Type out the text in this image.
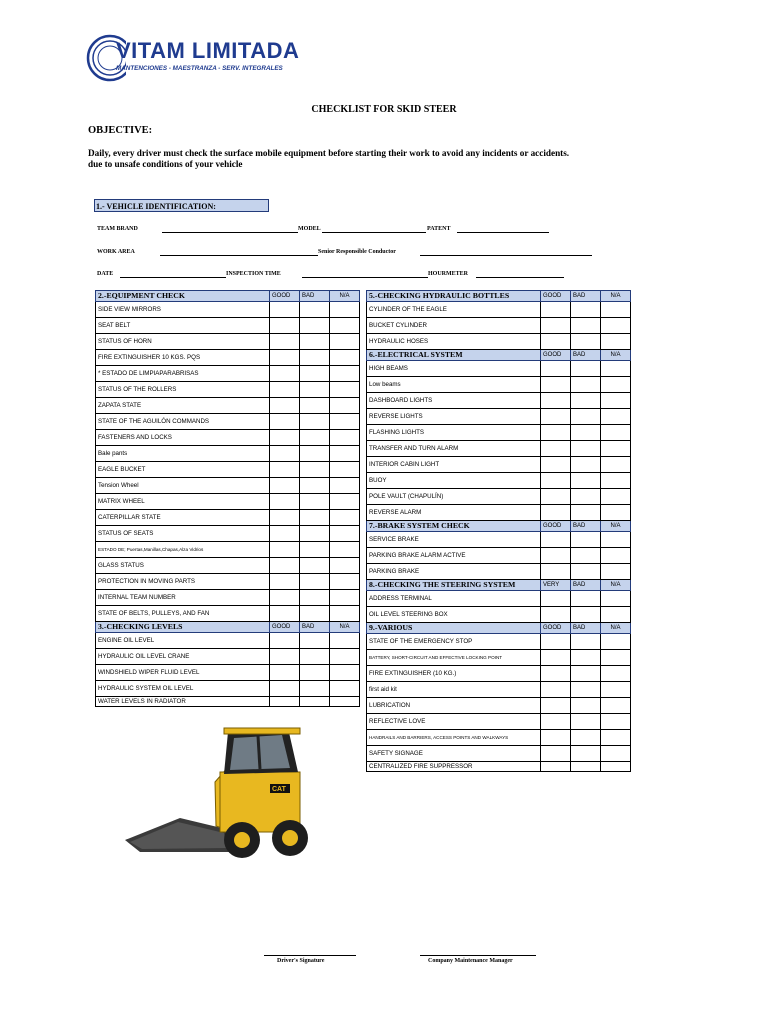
VITAM LIMITADA
MANTENCIONES - MAESTRANZA - SERV. INTEGRALES
CHECKLIST FOR SKID STEER
OBJECTIVE:
Daily, every driver must check the surface mobile equipment before starting their work to avoid any incidents or accidents.
due to unsafe conditions of your vehicle
1.- VEHICLE IDENTIFICATION:
TEAM BRAND	MODEL	PATENT
WORK AREA	Senior Responsible Conductor
DATE	INSPECTION TIME	HOURMETER
2.-EQUIPMENT CHECK	GOOD	BAD	N/A
SIDE VIEW MIRRORS			
SEAT BELT			
STATUS OF HORN			
FIRE EXTINGUISHER 10 KGS. PQS			
* ESTADO DE LIMPIAPARABRISAS			
STATUS OF THE ROLLERS			
ZAPATA STATE			
STATE OF THE AGUILÓN COMMANDS			
FASTENERS AND LOCKS			
Bale pants			
EAGLE BUCKET			
Tension Wheel			
MATRIX WHEEL			
CATERPILLAR STATE			
STATUS OF SEATS			
ESTADO DE; Puertas,Manillas,Chapas,Alza Vidrios			
GLASS STATUS			
PROTECTION IN MOVING PARTS			
INTERNAL TEAM NUMBER			
STATE OF BELTS, PULLEYS, AND FAN			
3.-CHECKING LEVELS	GOOD	BAD	N/A
ENGINE OIL LEVEL			
HYDRAULIC OIL LEVEL CRANE			
WINDSHIELD WIPER FLUID LEVEL			
HYDRAULIC SYSTEM OIL LEVEL			
WATER LEVELS IN RADIATOR			
5.-CHECKING HYDRAULIC BOTTLES	GOOD	BAD	N/A
CYLINDER OF THE EAGLE			
BUCKET CYLINDER			
HYDRAULIC HOSES			
6.-ELECTRICAL SYSTEM	GOOD	BAD	N/A
HIGH BEAMS			
Low beams			
DASHBOARD LIGHTS			
REVERSE LIGHTS			
FLASHING LIGHTS			
TRANSFER AND TURN ALARM			
INTERIOR CABIN LIGHT			
BUOY			
POLE VAULT (CHAPULÍN)			
REVERSE ALARM			
7.-BRAKE SYSTEM CHECK	GOOD	BAD	N/A
SERVICE BRAKE			
PARKING BRAKE ALARM ACTIVE			
PARKING BRAKE			
8.-CHECKING THE STEERING SYSTEM	VERY	BAD	N/A
ADDRESS TERMINAL			
OIL LEVEL STEERING BOX			
9.-VARIOUS	GOOD	BAD	N/A
STATE OF THE EMERGENCY STOP			
BATTERY, SHORT-CIRCUIT AND EFFECTIVE LOCKING POINT			
FIRE EXTINGUISHER (10 KG.)			
first aid kit			
LUBRICATION			
REFLECTIVE LOVE			
HANDRAILS AND BARRIERS, ACCESS POINTS AND WALKWAYS			
SAFETY SIGNAGE			
CENTRALIZED FIRE SUPPRESSOR			
CAT
Driver's Signature	Company Maintenance Manager
